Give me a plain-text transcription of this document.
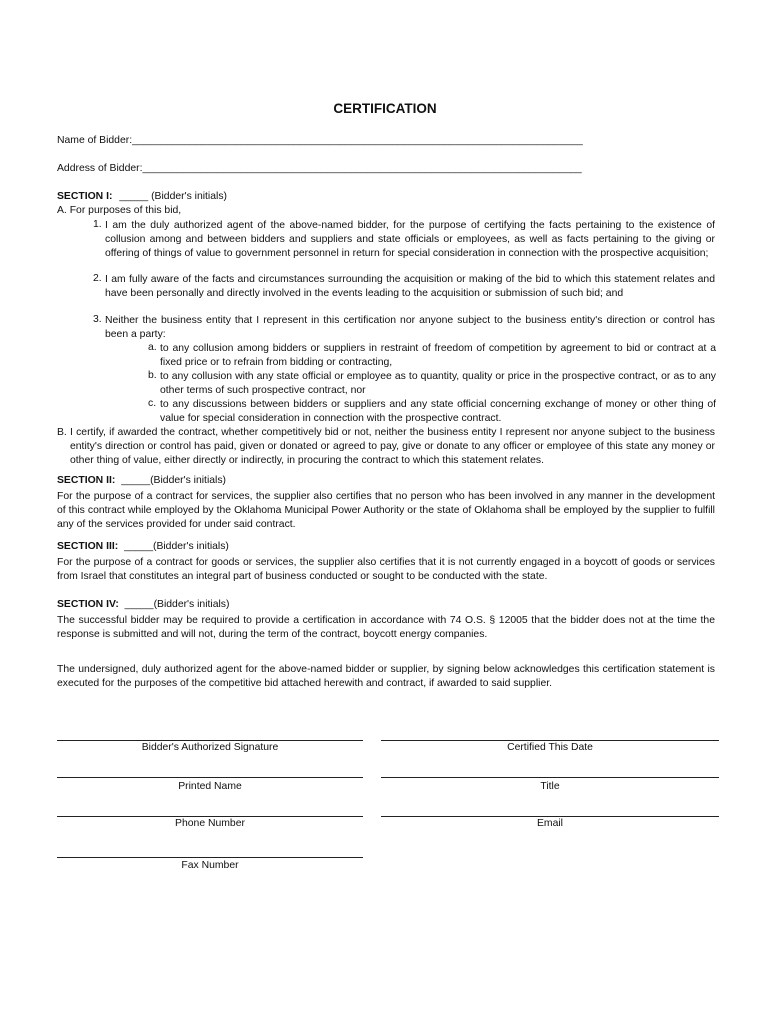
CERTIFICATION
Name of Bidder:______________________________________________________________________________
Address of Bidder:____________________________________________________________________________
SECTION I: _____ (Bidder's initials)
A. For purposes of this bid,
1. I am the duly authorized agent of the above-named bidder, for the purpose of certifying the facts pertaining to the existence of collusion among and between bidders and suppliers and state officials or employees, as well as facts pertaining to the giving or offering of things of value to government personnel in return for special consideration in connection with the prospective acquisition;
2. I am fully aware of the facts and circumstances surrounding the acquisition or making of the bid to which this statement relates and have been personally and directly involved in the events leading to the acquisition or submission of such bid; and
3. Neither the business entity that I represent in this certification nor anyone subject to the business entity's direction or control has been a party:
a. to any collusion among bidders or suppliers in restraint of freedom of competition by agreement to bid or contract at a fixed price or to refrain from bidding or contracting,
b. to any collusion with any state official or employee as to quantity, quality or price in the prospective contract, or as to any other terms of such prospective contract, nor
c. to any discussions between bidders or suppliers and any state official concerning exchange of money or other thing of value for special consideration in connection with the prospective contract.
B. I certify, if awarded the contract, whether competitively bid or not, neither the business entity I represent nor anyone subject to the business entity's direction or control has paid, given or donated or agreed to pay, give or donate to any officer or employee of this state any money or other thing of value, either directly or indirectly, in procuring the contract to which this statement relates.
SECTION II: _____(Bidder's initials)
For the purpose of a contract for services, the supplier also certifies that no person who has been involved in any manner in the development of this contract while employed by the Oklahoma Municipal Power Authority or the state of Oklahoma shall be employed by the supplier to fulfill any of the services provided for under said contract.
SECTION III: _____(Bidder's initials)
For the purpose of a contract for goods or services, the supplier also certifies that it is not currently engaged in a boycott of goods or services from Israel that constitutes an integral part of business conducted or sought to be conducted with the state.
SECTION IV: _____(Bidder's initials)
The successful bidder may be required to provide a certification in accordance with 74 O.S. § 12005 that the bidder does not at the time the response is submitted and will not, during the term of the contract, boycott energy companies.
The undersigned, duly authorized agent for the above-named bidder or supplier, by signing below acknowledges this certification statement is executed for the purposes of the competitive bid attached herewith and contract, if awarded to said supplier.
Bidder's Authorized Signature	Certified This Date
Printed Name	Title
Phone Number	Email
Fax Number
